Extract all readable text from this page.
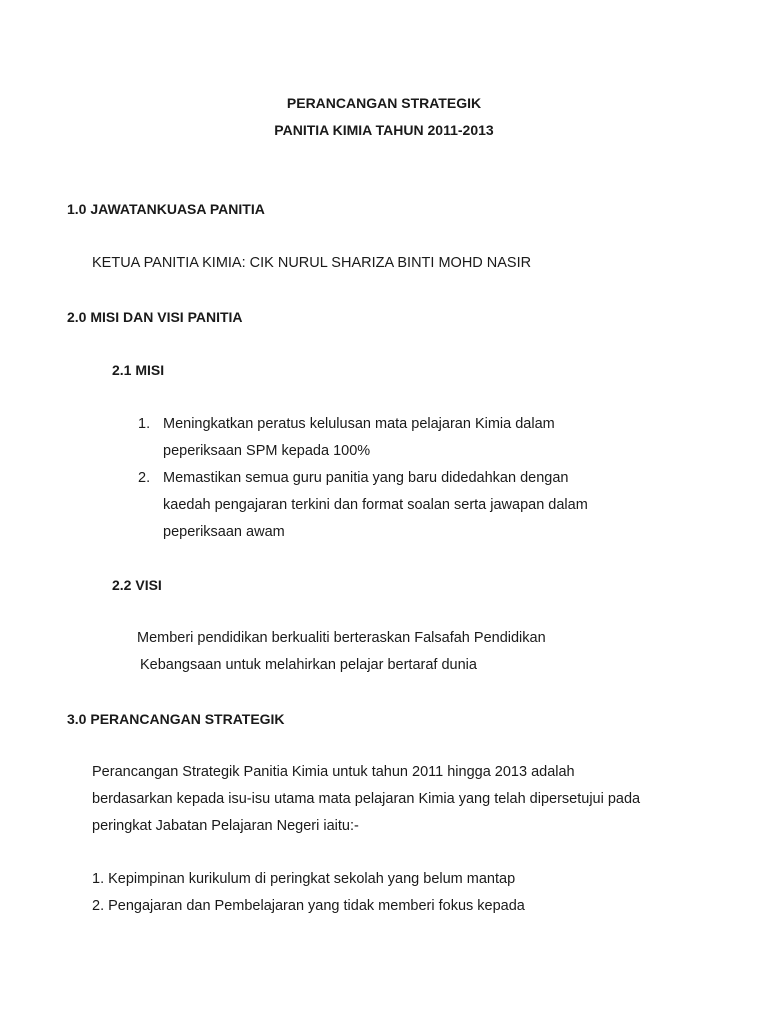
PERANCANGAN STRATEGIK
PANITIA KIMIA TAHUN 2011-2013
1.0 JAWATANKUASA PANITIA
KETUA PANITIA KIMIA: CIK NURUL SHARIZA BINTI MOHD NASIR
2.0 MISI DAN VISI PANITIA
2.1 MISI
1. Meningkatkan peratus kelulusan mata pelajaran Kimia dalam
peperiksaan SPM kepada 100%
2. Memastikan semua guru panitia yang baru didedahkan dengan
kaedah pengajaran terkini dan format soalan serta jawapan dalam
peperiksaan awam
2.2 VISI
Memberi pendidikan berkualiti berteraskan Falsafah Pendidikan
Kebangsaan untuk melahirkan pelajar bertaraf dunia
3.0 PERANCANGAN STRATEGIK
Perancangan Strategik Panitia Kimia untuk tahun 2011 hingga 2013 adalah
berdasarkan kepada isu-isu utama mata pelajaran Kimia yang telah dipersetujui pada
peringkat Jabatan Pelajaran Negeri iaitu:-
1. Kepimpinan kurikulum di peringkat sekolah yang belum mantap
2. Pengajaran dan Pembelajaran yang tidak memberi fokus kepada
